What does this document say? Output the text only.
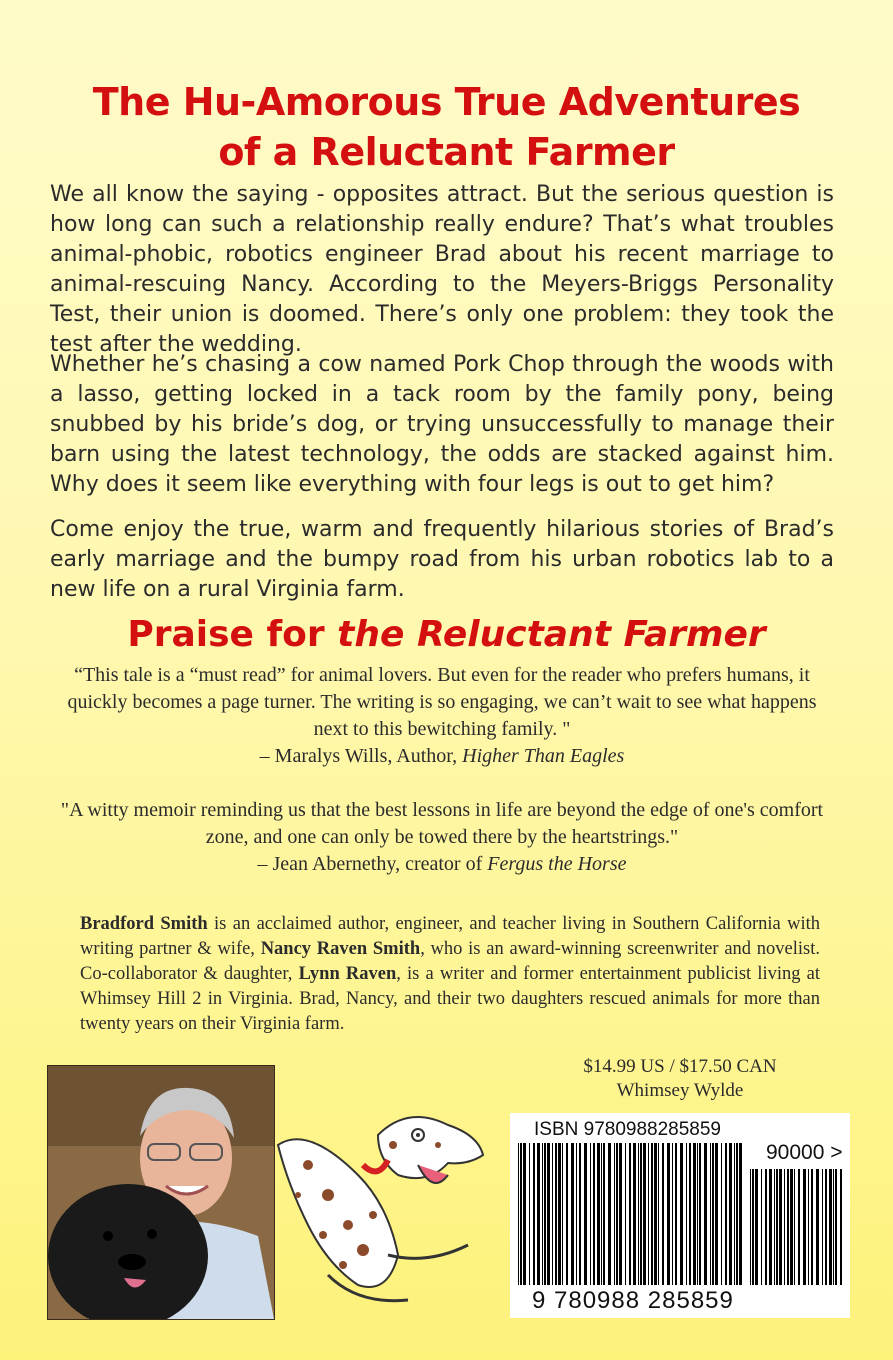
The Hu-Amorous True Adventures
of a Reluctant Farmer

We all know the saying - opposites attract. But the serious question is how long can such a relationship really endure? That’s what troubles animal-phobic, robotics engineer Brad about his recent marriage to animal-rescuing Nancy. According to the Meyers-Briggs Personality Test, their union is doomed. There’s only one problem: they took the test after the wedding.

Whether he’s chasing a cow named Pork Chop through the woods with a lasso, getting locked in a tack room by the family pony, being snubbed by his bride’s dog, or trying unsuccessfully to manage their barn using the latest technology, the odds are stacked against him. Why does it seem like everything with four legs is out to get him?

Come enjoy the true, warm and frequently hilarious stories of Brad’s early marriage and the bumpy road from his urban robotics lab to a new life on a rural Virginia farm.

Praise for the Reluctant Farmer
“This tale is a “must read” for animal lovers. But even for the reader who prefers humans, it quickly becomes a page turner. The writing is so engaging, we can’t wait to see what happens next to this bewitching family. "
– Maralys Wills, Author, Higher Than Eagles
"A witty memoir reminding us that the best lessons in life are beyond the edge of one's comfort zone, and one can only be towed there by the heartstrings."
– Jean Abernethy, creator of Fergus the Horse

Bradford Smith is an acclaimed author, engineer, and teacher living in Southern California with writing partner & wife, Nancy Raven Smith, who is an award-winning screenwriter and novelist. Co-collaborator & daughter, Lynn Raven, is a writer and former entertainment publicist living at Whimsey Hill 2 in Virginia. Brad, Nancy, and their two daughters rescued animals for more than twenty years on their Virginia farm.

$14.99 US / $17.50 CAN
Whimsey Wylde
ISBN 9780988285859
90000 >
9 780988 285859
